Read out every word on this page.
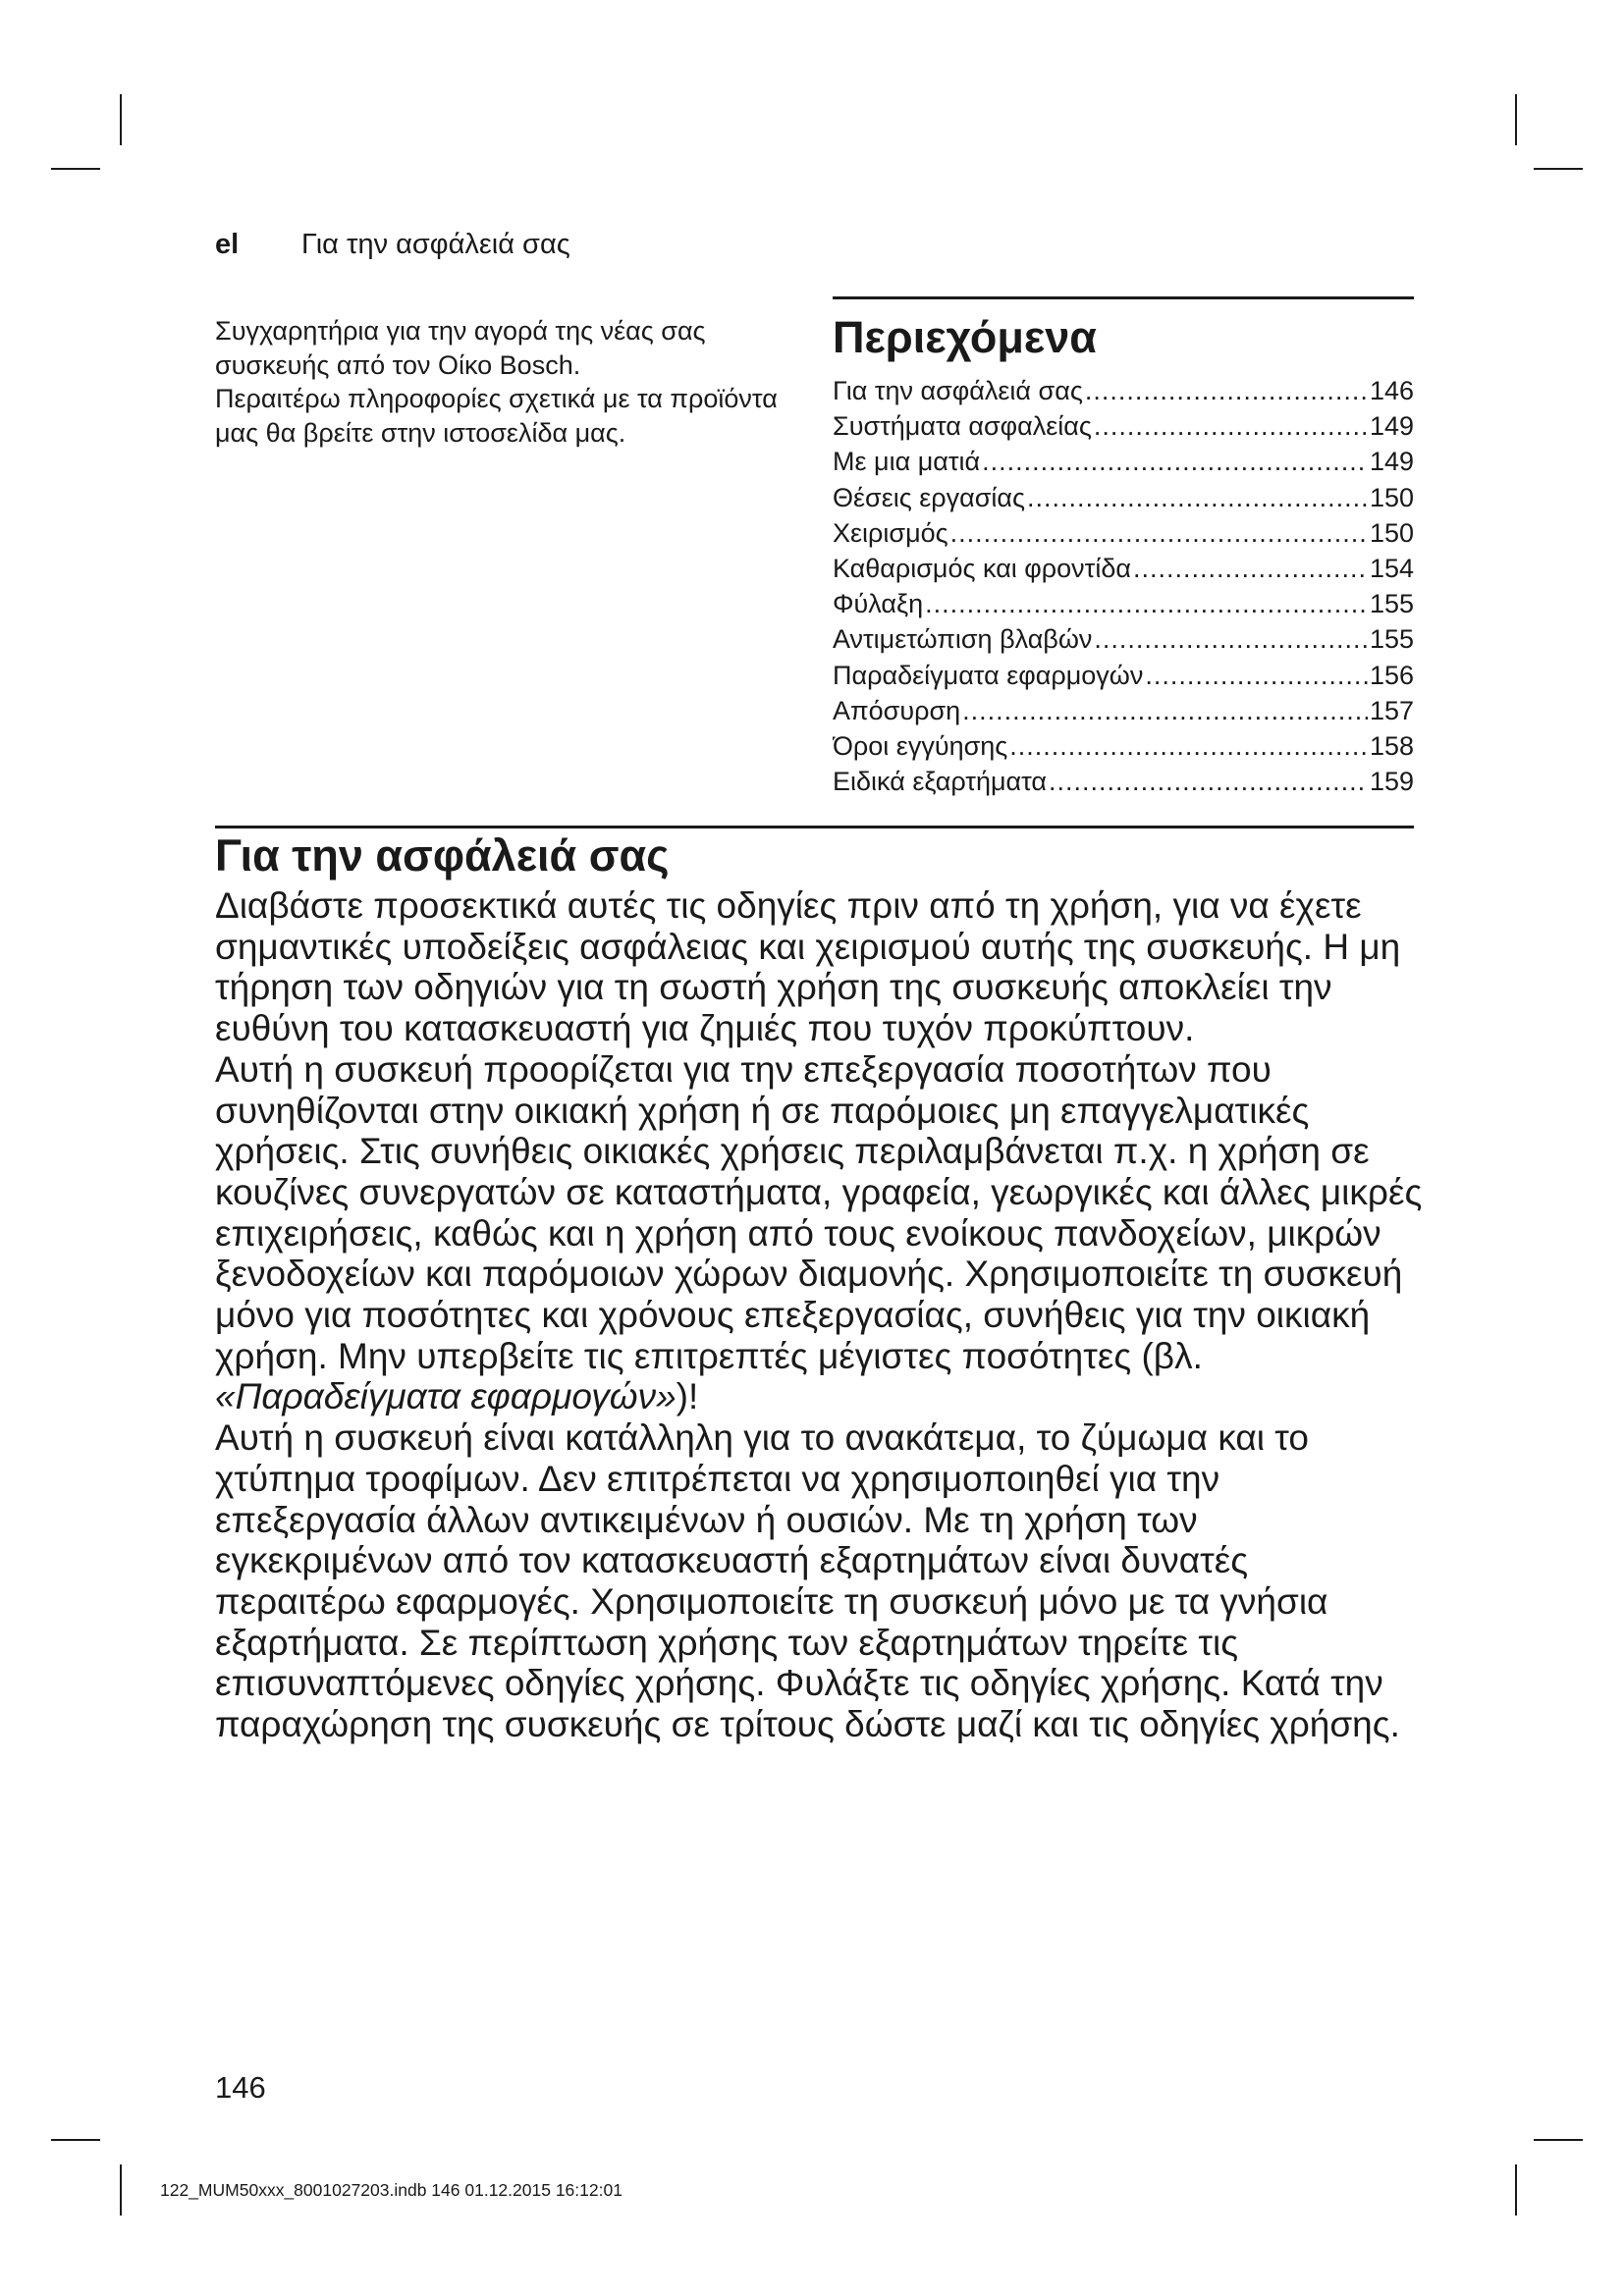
el Για την ασφάλειά σας

Συγχαρητήρια για την αγορά της νέας σας συσκευής από τον Οίκο Bosch.

Περαιτέρω πληροφορίες σχετικά με τα προϊόντα μας θα βρείτε στην ιστοσελίδα μας.

Περιεχόμενα
Για την ασφάλειά σας .....	146
Συστήματα ασφαλείας .....	149
Με μια ματιά .....	149
Θέσεις εργασίας .....	150
Χειρισμός .....	150
Καθαρισμός και φροντίδα .....	154
Φύλαξη .....	155
Αντιμετώπιση βλαβών .....	155
Παραδείγματα εφαρμογών .....	156
Απόσυρση .....	157
Όροι εγγύησης .....	158
Ειδικά εξαρτήματα .....	159
Για την ασφάλειά σας

Διαβάστε προσεκτικά αυτές τις οδηγίες πριν από τη χρήση, για να έχετε σημαντικές υποδείξεις ασφάλειας και χειρισμού αυτής της συσκευής. Η μη τήρηση των οδηγιών για τη σωστή χρήση της συσκευής αποκλείει την ευθύνη του κατασκευαστή για ζημιές που τυχόν προκύπτουν.

Αυτή η συσκευή προορίζεται για την επεξεργασία ποσοτήτων που συνηθίζονται στην οικιακή χρήση ή σε παρόμοιες μη επαγγελματικές χρήσεις. Στις συνήθεις οικιακές χρήσεις περιλαμβάνεται π.χ. η χρήση σε κουζίνες συνεργατών σε καταστήματα, γραφεία, γεωργικές και άλλες μικρές επιχειρήσεις, καθώς και η χρήση από τους ενοίκους πανδοχείων, μικρών ξενοδοχείων και παρόμοιων χώρων διαμονής. Χρησιμοποιείτε τη συσκευή μόνο για ποσότητες και χρόνους επεξεργασίας, συνήθεις για την οικιακή χρήση. Μην υπερβείτε τις επιτρεπτές μέγιστες ποσότητες (βλ. «Παραδείγματα εφαρμογών»)!

Αυτή η συσκευή είναι κατάλληλη για το ανακάτεμα, το ζύμωμα και το χτύπημα τροφίμων. Δεν επιτρέπεται να χρησιμοποιηθεί για την επεξεργασία άλλων αντικειμένων ή ουσιών. Με τη χρήση των εγκεκριμένων από τον κατασκευαστή εξαρτημάτων είναι δυνατές περαιτέρω εφαρμογές. Χρησιμοποιείτε τη συσκευή μόνο με τα γνήσια εξαρτήματα. Σε περίπτωση χρήσης των εξαρτημάτων τηρείτε τις επισυναπτόμενες οδηγίες χρήσης. Φυλάξτε τις οδηγίες χρήσης. Κατά την παραχώρηση της συσκευής σε τρίτους δώστε μαζί και τις οδηγίες χρήσης.

146
122_MUM50xxx_8001027203.indb 146 01.12.2015 16:12:01
